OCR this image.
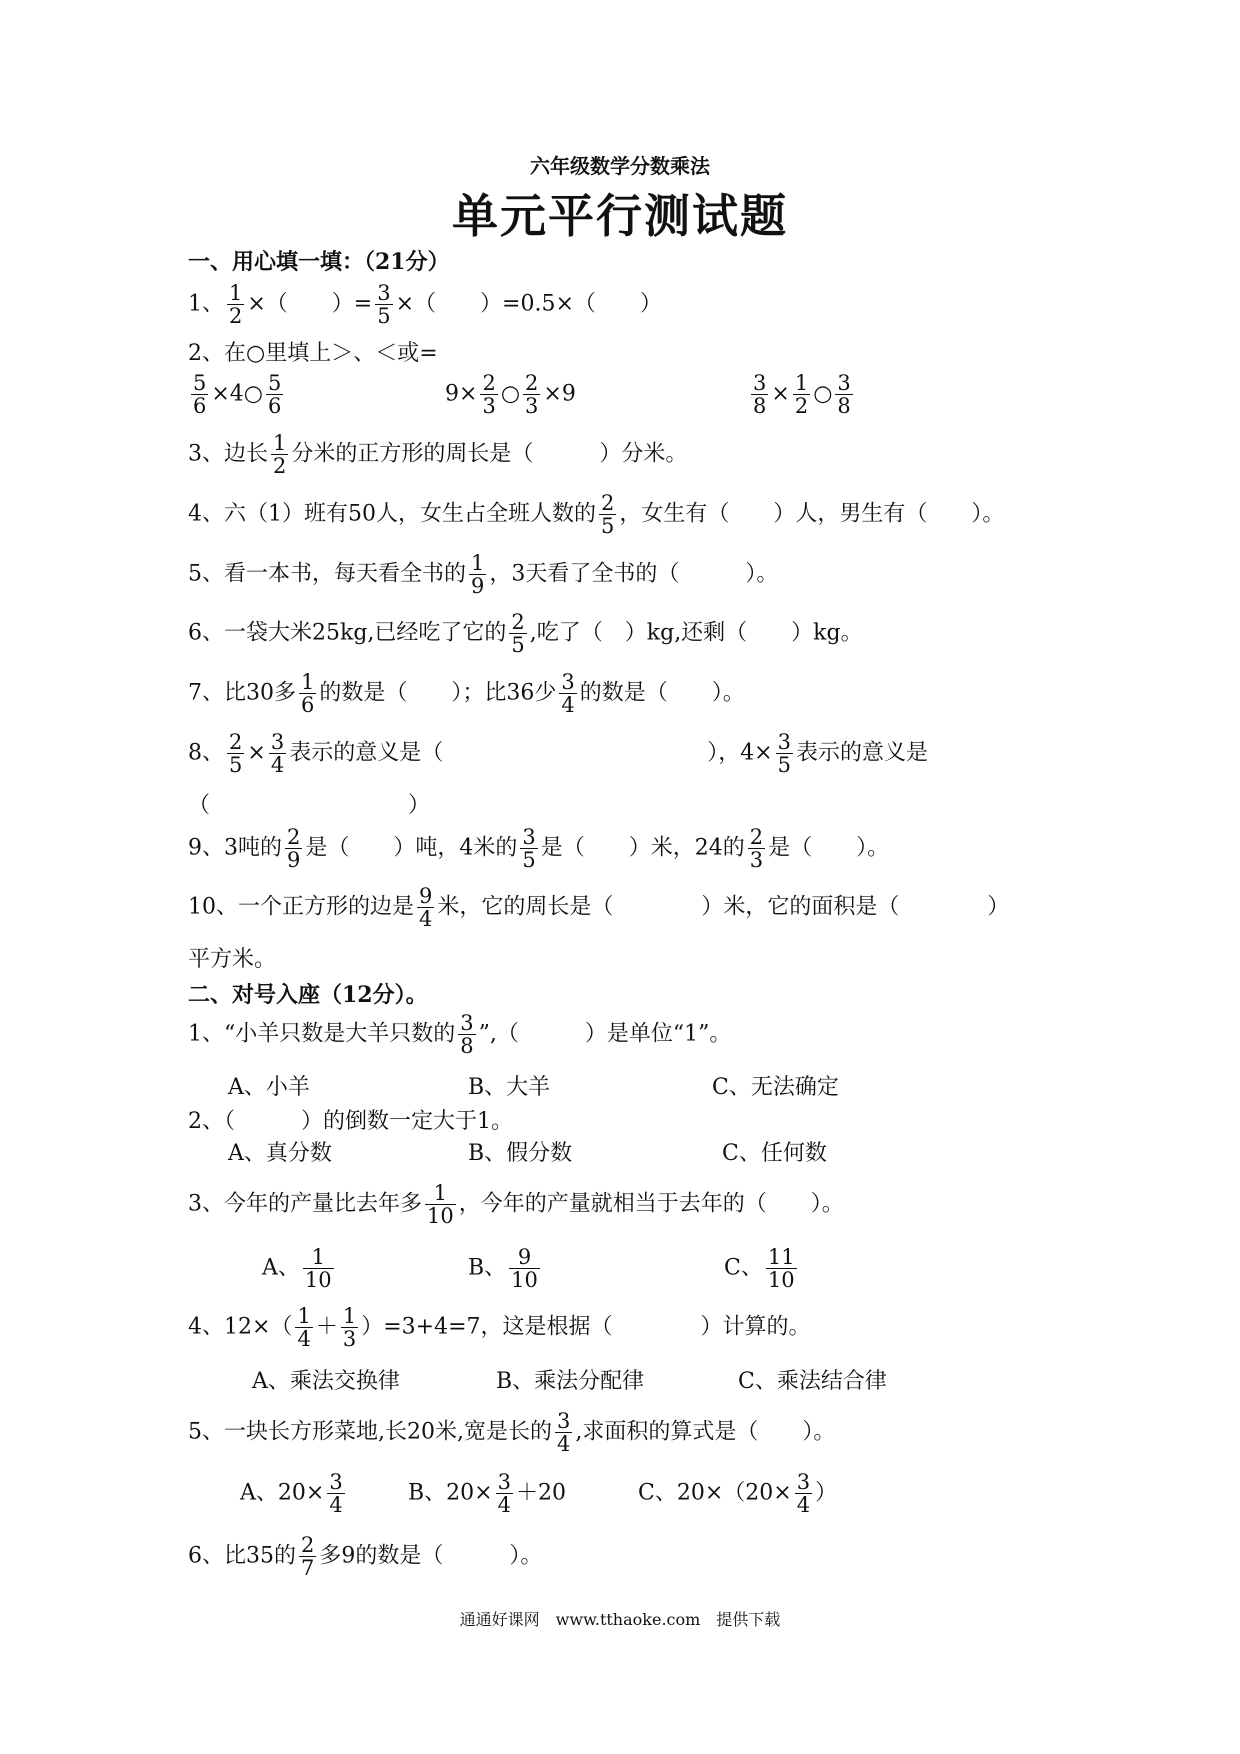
六年级数学分数乘法
单元平行测试题
一、用心填一填：（21分）
1、 $\frac{1}{2}$ ×（　　）= $\frac{3}{5}$ ×（　　）=0.5×（　　）
2、在○里填上＞、＜或=
$\frac{5}{6}$ ×4○ $\frac{5}{6}$	$9\times \frac{2}{3}$ ○ $\frac{2}{3} \times 9$	$\frac{3}{8} \times \frac{1}{2}$ ○ $\frac{3}{8}$
3、边长 $\frac{1}{2}$ 分米的正方形的周长是（　　　）分米。
4、六（1）班有50人，女生占全班人数的 $\frac{2}{5}$ ，女生有（　　）人，男生有（　　）。
5、看一本书，每天看全书的 $\frac{1}{9}$ ，3天看了全书的（　　　）。
6、一袋大米25kg,已经吃了它的 $\frac{2}{5}$ ,吃了（　）kg,还剩（　　）kg。
7、比30多 $\frac{1}{6}$ 的数是（　　）；比36少 $\frac{3}{4}$ 的数是（　　）。
8、 $\frac{2}{5} \times \frac{3}{4}$ 表示的意义是（　　　　　　　　　　　　），$4\times \frac{3}{5}$ 表示的意义是
（　　　　　　　　　）
9、3吨的 $\frac{2}{9}$ 是（　　）吨，4米的 $\frac{3}{5}$ 是（　　）米，24的 $\frac{2}{3}$ 是（　　）。
10、一个正方形的边是 $\frac{9}{4}$ 米，它的周长是（　　　　）米，它的面积是（　　　　）
平方米。
二、对号入座（12分）。
1、“小羊只数是大羊只数的 $\frac{3}{8}$ ”,（　　　）是单位“1”。
A、小羊	B、大羊	C、无法确定
2、（　　　）的倒数一定大于1。
A、真分数	B、假分数	C、任何数
3、今年的产量比去年多 $\frac{1}{10}$ ，今年的产量就相当于去年的（　　）。
A、 $\frac{1}{10}$	B、 $\frac{9}{10}$	C、 $\frac{11}{10}$
4、$12\times( \frac{1}{4} + \frac{1}{3} )=3+4=7$，这是根据（　　　　）计算的。
A、乘法交换律	B、乘法分配律	C、乘法结合律
5、一块长方形菜地,长20米,宽是长的 $\frac{3}{4}$ ,求面积的算式是（　　）。
A、$20\times \frac{3}{4}$	B、$20\times \frac{3}{4} +20$	C、$20\times(20\times \frac{3}{4}$ ）
6、比35的 $\frac{2}{7}$ 多9的数是（　　　）。
通通好课网　www.tthaoke.com　提供下载
